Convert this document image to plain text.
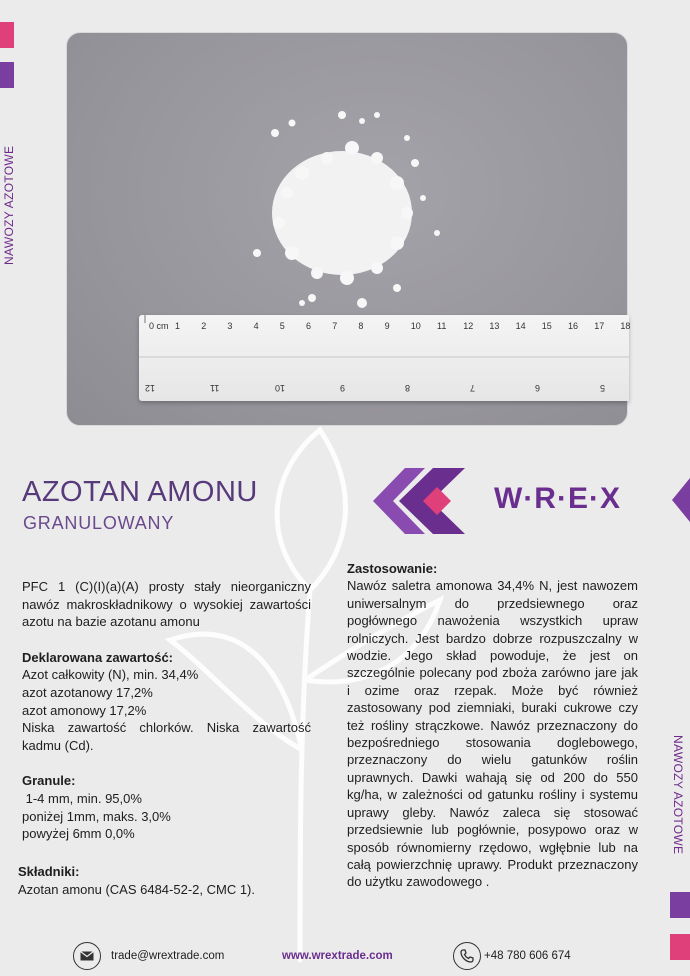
NAWOZY AZOTOWE
NAWOZY AZOTOWE
0 cm 1 2 3 4 5 6 7 8 9 10 11 12 13 14 15 16 17 18
12	11	10	9	8	7	6	5
AZOTAN AMONU
GRANULOWANY
W·R·E·X

PFC 1 (C)(I)(a)(A) prosty stały nieorganiczny nawóz makroskładnikowy o wysokiej zawartości azotu na bazie azotanu amonu

Deklarowana zawartość:
Azot całkowity (N), min. 34,4%
azot azotanowy 17,2%
azot amonowy 17,2%
Niska zawartość chlorków. Niska zawartość kadmu (Cd).
Granule:
1-4 mm, min. 95,0%
poniżej 1mm, maks. 3,0%
powyżej 6mm 0,0%
Składniki:
Azotan amonu (CAS 6484-52-2, CMC 1).
Zastosowanie:

Nawóz saletra amonowa 34,4% N, jest nawozem uniwersalnym do przedsiewnego oraz pogłównego nawożenia wszystkich upraw rolniczych. Jest bardzo dobrze rozpuszczalny w wodzie. Jego skład powoduje, że jest on szczególnie polecany pod zboża zarówno jare jak i ozime oraz rzepak. Może być również zastosowany pod ziemniaki, buraki cukrowe czy też rośliny strączkowe. Nawóz przeznaczony do bezpośredniego stosowania doglebowego, przeznaczony do wielu gatunków roślin uprawnych. Dawki wahają się od 200 do 550 kg/ha, w zależności od gatunku rośliny i systemu uprawy gleby. Nawóz zaleca się stosować przedsiewnie lub pogłównie, posypowo oraz w sposób równomierny rzędowo, wgłębnie lub na całą powierzchnię uprawy. Produkt przeznaczony do użytku zawodowego .

trade@wrextrade.com	www.wrextrade.com	+48 780 606 674
